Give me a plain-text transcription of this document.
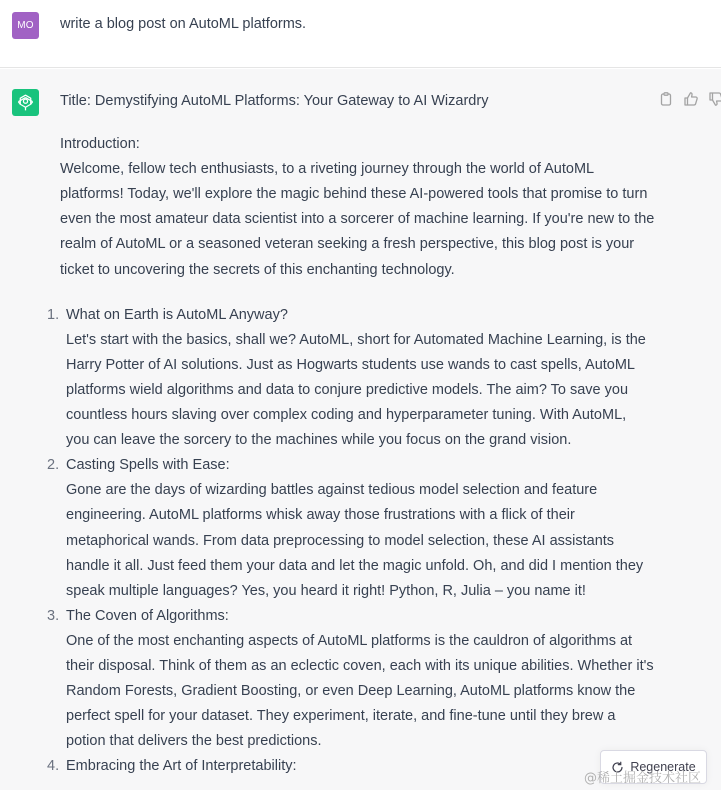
MO	write a blog post on AutoML platforms.

Title: Demystifying AutoML Platforms: Your Gateway to AI Wizardry

Introduction:

Welcome, fellow tech enthusiasts, to a riveting journey through the world of AutoML

platforms! Today, we'll explore the magic behind these AI-powered tools that promise to turn

even the most amateur data scientist into a sorcerer of machine learning. If you're new to the

realm of AutoML or a seasoned veteran seeking a fresh perspective, this blog post is your

ticket to uncovering the secrets of this enchanting technology.

1. What on Earth is AutoML Anyway?

Let's start with the basics, shall we? AutoML, short for Automated Machine Learning, is the

Harry Potter of AI solutions. Just as Hogwarts students use wands to cast spells, AutoML

platforms wield algorithms and data to conjure predictive models. The aim? To save you

countless hours slaving over complex coding and hyperparameter tuning. With AutoML,

you can leave the sorcery to the machines while you focus on the grand vision.

2. Casting Spells with Ease:

Gone are the days of wizarding battles against tedious model selection and feature

engineering. AutoML platforms whisk away those frustrations with a flick of their

metaphorical wands. From data preprocessing to model selection, these AI assistants

handle it all. Just feed them your data and let the magic unfold. Oh, and did I mention they

speak multiple languages? Yes, you heard it right! Python, R, Julia – you name it!

3. The Coven of Algorithms:

One of the most enchanting aspects of AutoML platforms is the cauldron of algorithms at

their disposal. Think of them as an eclectic coven, each with its unique abilities. Whether it's

Random Forests, Gradient Boosting, or even Deep Learning, AutoML platforms know the

perfect spell for your dataset. They experiment, iterate, and fine-tune until they brew a

potion that delivers the best predictions.

4. Embracing the Art of Interpretability:	Regenerate
@稀土掘金技术社区
